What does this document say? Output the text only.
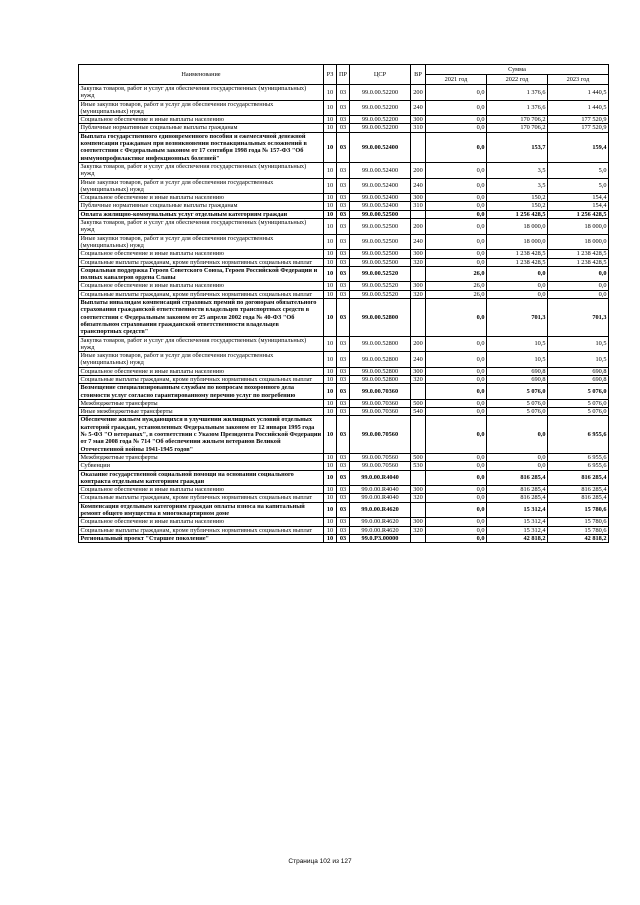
Наименование	РЗ	ПР	ЦСР	ВР	Сумма		
					2021 год	2022 год	2023 год
Закупка товаров, работ и услуг для обеспечения государственных (муниципальных) нужд	10	03	99.0.00.52200	200	0,0	1 376,6	1 440,5
Иные закупки товаров, работ и услуг для обеспечения государственных (муниципальных) нужд	10	03	99.0.00.52200	240	0,0	1 376,6	1 440,5
Социальное обеспечение и иные выплаты населению	10	03	99.0.00.52200	300	0,0	170 706,2	177 520,9
Публичные нормативные социальные выплаты гражданам	10	03	99.0.00.52200	310	0,0	170 706,2	177 520,9
Выплата государственного единовременного пособия и ежемесячной денежной компенсации гражданам при возникновении поствакцинальных осложнений в соответствии с Федеральным законом от 17 сентября 1998 года № 157-ФЗ "Об иммунопрофилактике инфекционных болезней"	10	03	99.0.00.52400		0,0	153,7	159,4
Закупка товаров, работ и услуг для обеспечения государственных (муниципальных) нужд	10	03	99.0.00.52400	200	0,0	3,5	5,0
Иные закупки товаров, работ и услуг для обеспечения государственных (муниципальных) нужд	10	03	99.0.00.52400	240	0,0	3,5	5,0
Социальное обеспечение и иные выплаты населению	10	03	99.0.00.52400	300	0,0	150,2	154,4
Публичные нормативные социальные выплаты гражданам	10	03	99.0.00.52400	310	0,0	150,2	154,4
Оплата жилищно-коммунальных услуг отдельным категориям граждан	10	03	99.0.00.52500		0,0	1 256 428,5	1 256 428,5
Закупка товаров, работ и услуг для обеспечения государственных (муниципальных) нужд	10	03	99.0.00.52500	200	0,0	18 000,0	18 000,0
Иные закупки товаров, работ и услуг для обеспечения государственных (муниципальных) нужд	10	03	99.0.00.52500	240	0,0	18 000,0	18 000,0
Социальное обеспечение и иные выплаты населению	10	03	99.0.00.52500	300	0,0	1 238 428,5	1 238 428,5
Социальные выплаты гражданам, кроме публичных нормативных социальных выплат	10	03	99.0.00.52500	320	0,0	1 238 428,5	1 238 428,5
Социальная поддержка Героев Советского Союза, Героев Российской Федерации и полных кавалеров ордена Славы	10	03	99.0.00.52520		26,0	0,0	0,0
Социальное обеспечение и иные выплаты населению	10	03	99.0.00.52520	300	26,0	0,0	0,0
Социальные выплаты гражданам, кроме публичных нормативных социальных выплат	10	03	99.0.00.52520	320	26,0	0,0	0,0
Выплаты инвалидам компенсаций страховых премий по договорам обязательного страхования гражданской ответственности владельцев транспортных средств в соответствии с Федеральным законом от 25 апреля 2002 года № 40-ФЗ "Об обязательном страховании гражданской ответственности владельцев транспортных средств"	10	03	99.0.00.52800		0,0	701,3	701,3
Закупка товаров, работ и услуг для обеспечения государственных (муниципальных) нужд	10	03	99.0.00.52800	200	0,0	10,5	10,5
Иные закупки товаров, работ и услуг для обеспечения государственных (муниципальных) нужд	10	03	99.0.00.52800	240	0,0	10,5	10,5
Социальное обеспечение и иные выплаты населению	10	03	99.0.00.52800	300	0,0	690,8	690,8
Социальные выплаты гражданам, кроме публичных нормативных социальных выплат	10	03	99.0.00.52800	320	0,0	690,8	690,8
Возмещение специализированным службам по вопросам похоронного дела стоимости услуг согласно гарантированному перечню услуг по погребению	10	03	99.0.00.70360		0,0	5 076,0	5 076,0
Межбюджетные трансферты	10	03	99.0.00.70360	500	0,0	5 076,0	5 076,0
Иные межбюджетные трансферты	10	03	99.0.00.70360	540	0,0	5 076,0	5 076,0
Обеспечение жильем нуждающихся в улучшении жилищных условий отдельных категорий граждан, установленных Федеральным законом от 12 января 1995 года № 5-ФЗ "О ветеранах", в соответствии с Указом Президента Российской Федерации от 7 мая 2008 года № 714 "Об обеспечении жильем ветеранов Великой Отечественной войны 1941-1945 годов"	10	03	99.0.00.70560		0,0	0,0	6 955,6
Межбюджетные трансферты	10	03	99.0.00.70560	500	0,0	0,0	6 955,6
Субвенции	10	03	99.0.00.70560	530	0,0	0,0	6 955,6
Оказание государственной социальной помощи на основании социального контракта отдельным категориям граждан	10	03	99.0.00.R4040		0,0	816 285,4	816 285,4
Социальное обеспечение и иные выплаты населению	10	03	99.0.00.R4040	300	0,0	816 285,4	816 285,4
Социальные выплаты гражданам, кроме публичных нормативных социальных выплат	10	03	99.0.00.R4040	320	0,0	816 285,4	816 285,4
Компенсация отдельным категориям граждан оплаты взноса на капитальный ремонт общего имущества в многоквартирном доме	10	03	99.0.00.R4620		0,0	15 312,4	15 780,6
Социальное обеспечение и иные выплаты населению	10	03	99.0.00.R4620	300	0,0	15 312,4	15 780,6
Социальные выплаты гражданам, кроме публичных нормативных социальных выплат	10	03	99.0.00.R4620	320	0,0	15 312,4	15 780,6
Региональный проект "Старшее поколение"	10	03	99.0.P3.00000		0,0	42 818,2	42 818,2
Страница 102 из 127
